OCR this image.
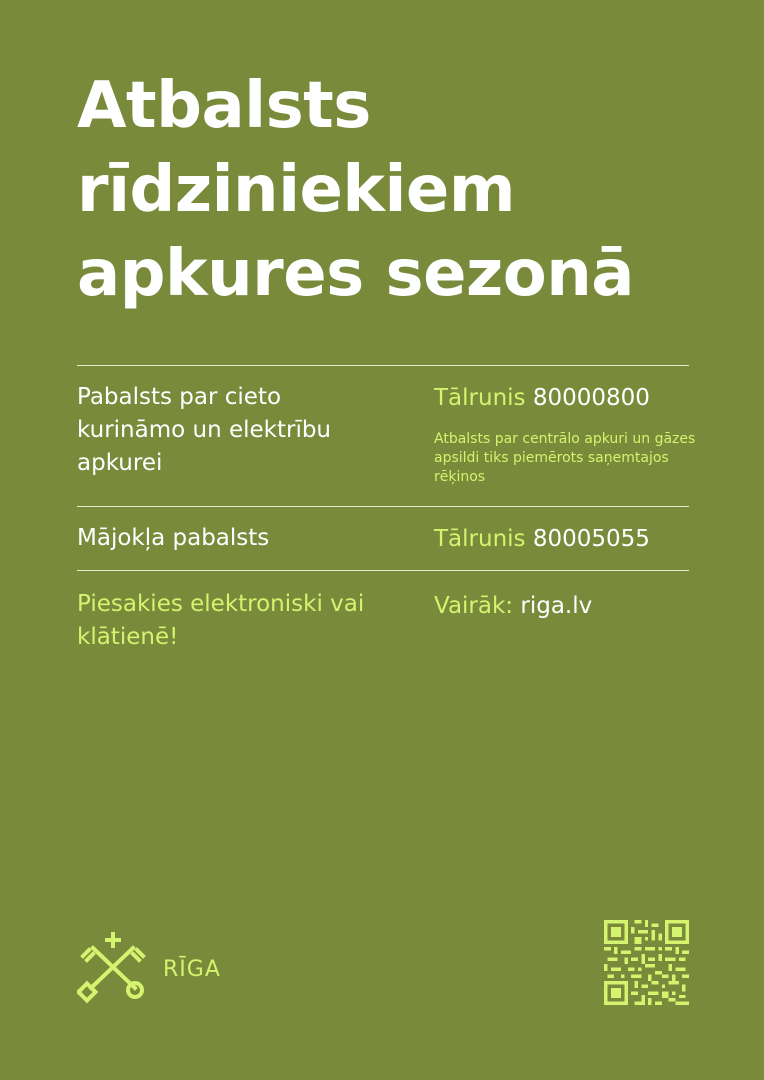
Atbalsts
rīdziniekiem
apkures sezonā

Pabalsts par cieto kurināmo un elektrību apkurei

Tālrunis 80000800

Atbalsts par centrālo apkuri un gāzes apsildi tiks piemērots saņemtajos rēķinos

Mājokļa pabalsts	Tālrunis 80005055

Piesakies elektroniski vai klātienē!

Vairāk: riga.lv

RĪGA
